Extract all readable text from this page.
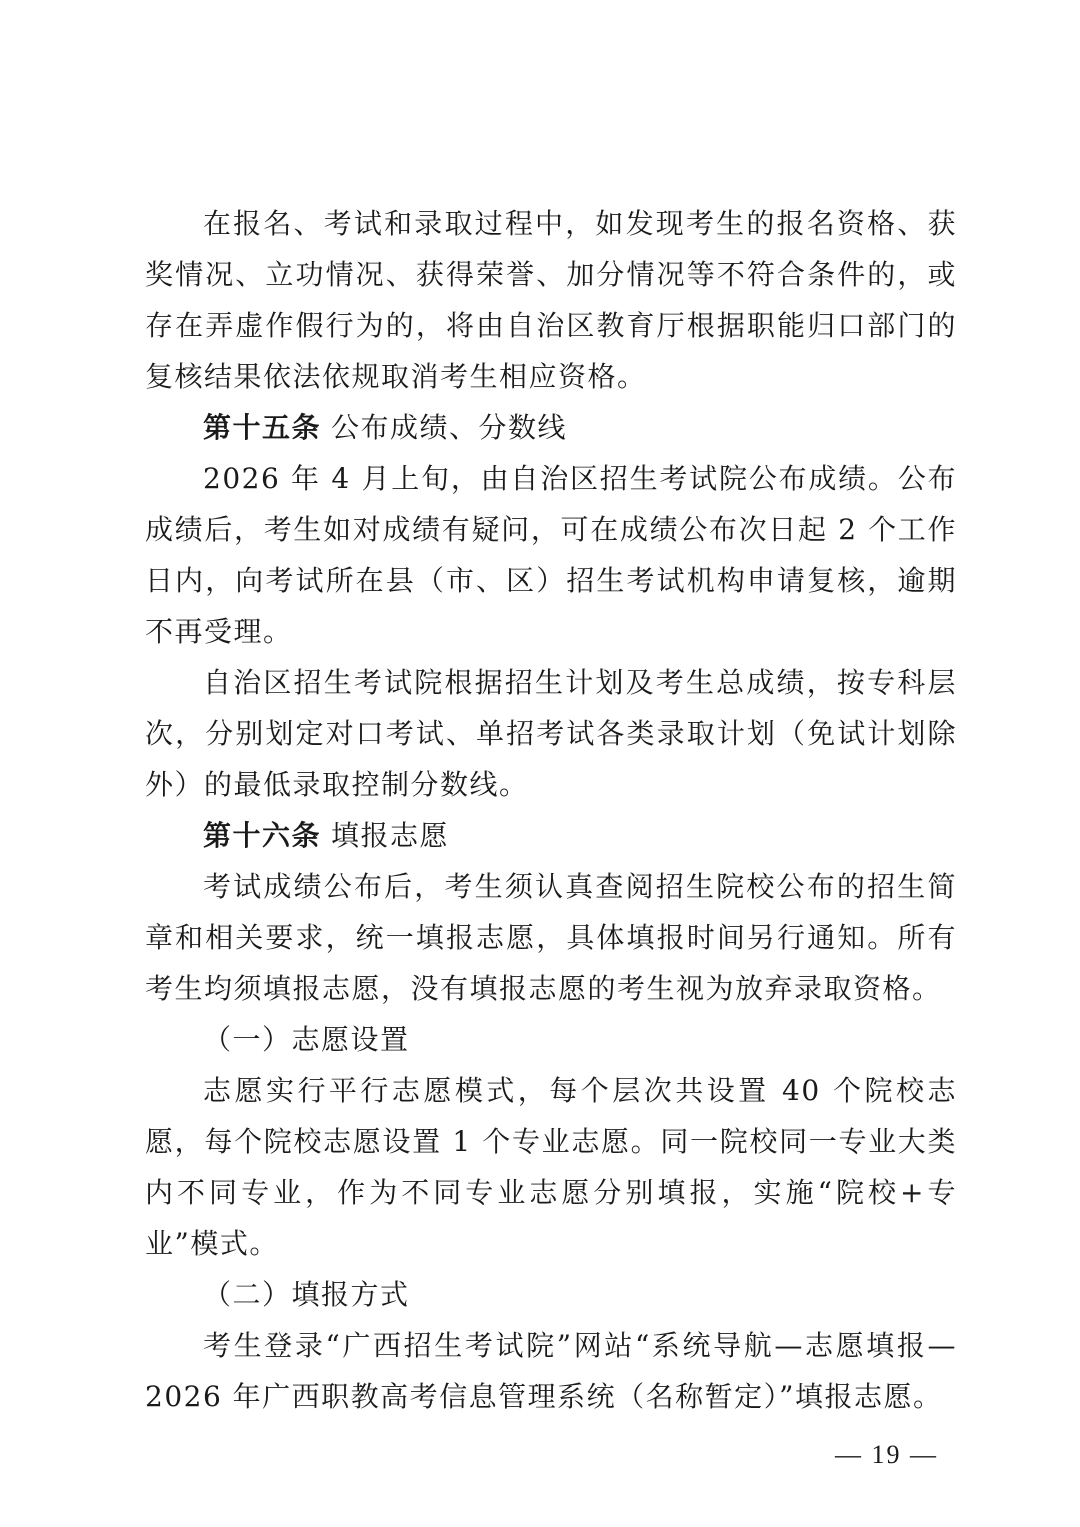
在报名、考试和录取过程中，如发现考生的报名资格、获奖情况、立功情况、获得荣誉、加分情况等不符合条件的，或存在弄虚作假行为的，将由自治区教育厅根据职能归口部门的复核结果依法依规取消考生相应资格。

第十五条 公布成绩、分数线

2026 年 4 月上旬，由自治区招生考试院公布成绩。公布成绩后，考生如对成绩有疑问，可在成绩公布次日起 2 个工作日内，向考试所在县（市、区）招生考试机构申请复核，逾期不再受理。

自治区招生考试院根据招生计划及考生总成绩，按专科层次，分别划定对口考试、单招考试各类录取计划（免试计划除外）的最低录取控制分数线。

第十六条 填报志愿

考试成绩公布后，考生须认真查阅招生院校公布的招生简章和相关要求，统一填报志愿，具体填报时间另行通知。所有考生均须填报志愿，没有填报志愿的考生视为放弃录取资格。

（一）志愿设置

志愿实行平行志愿模式，每个层次共设置 40 个院校志愿，每个院校志愿设置 1 个专业志愿。同一院校同一专业大类内不同专业，作为不同专业志愿分别填报，实施“院校+专业”模式。

（二）填报方式

考生登录“广西招生考试院”网站“系统导航—志愿填报—2026 年广西职教高考信息管理系统（名称暂定）”填报志愿。

— 19 —
